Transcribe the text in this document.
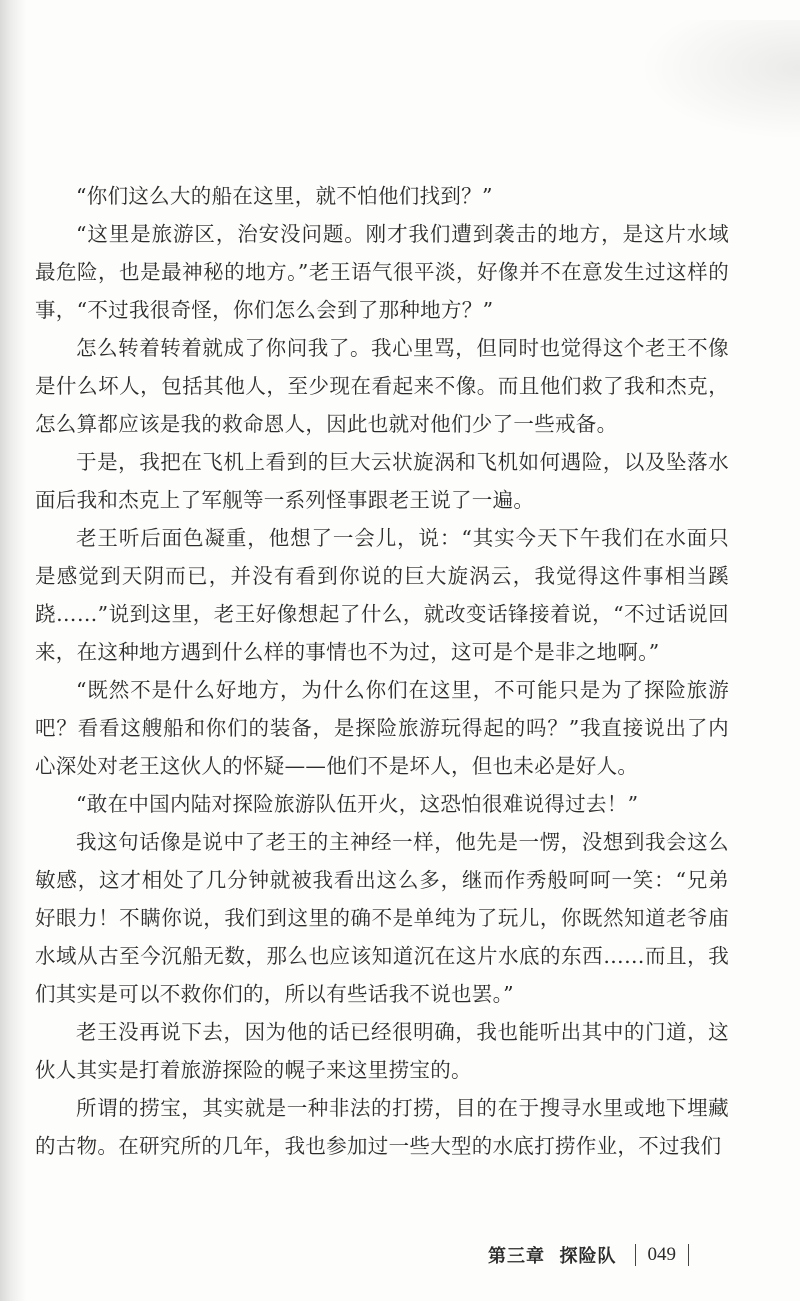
“你们这么大的船在这里，就不怕他们找到？”

“这里是旅游区，治安没问题。刚才我们遭到袭击的地方，是这片水域最危险，也是最神秘的地方。”老王语气很平淡，好像并不在意发生过这样的事，“不过我很奇怪，你们怎么会到了那种地方？”

怎么转着转着就成了你问我了。我心里骂，但同时也觉得这个老王不像是什么坏人，包括其他人，至少现在看起来不像。而且他们救了我和杰克，怎么算都应该是我的救命恩人，因此也就对他们少了一些戒备。

于是，我把在飞机上看到的巨大云状旋涡和飞机如何遇险，以及坠落水面后我和杰克上了军舰等一系列怪事跟老王说了一遍。

老王听后面色凝重，他想了一会儿，说：“其实今天下午我们在水面只是感觉到天阴而已，并没有看到你说的巨大旋涡云，我觉得这件事相当蹊跷……”说到这里，老王好像想起了什么，就改变话锋接着说，“不过话说回来，在这种地方遇到什么样的事情也不为过，这可是个是非之地啊。”

“既然不是什么好地方，为什么你们在这里，不可能只是为了探险旅游吧？看看这艘船和你们的装备，是探险旅游玩得起的吗？”我直接说出了内心深处对老王这伙人的怀疑——他们不是坏人，但也未必是好人。

“敢在中国内陆对探险旅游队伍开火，这恐怕很难说得过去！”

我这句话像是说中了老王的主神经一样，他先是一愣，没想到我会这么敏感，这才相处了几分钟就被我看出这么多，继而作秀般呵呵一笑：“兄弟好眼力！不瞒你说，我们到这里的确不是单纯为了玩儿，你既然知道老爷庙水域从古至今沉船无数，那么也应该知道沉在这片水底的东西……而且，我们其实是可以不救你们的，所以有些话我不说也罢。”

老王没再说下去，因为他的话已经很明确，我也能听出其中的门道，这伙人其实是打着旅游探险的幌子来这里捞宝的。

所谓的捞宝，其实就是一种非法的打捞，目的在于搜寻水里或地下埋藏的古物。在研究所的几年，我也参加过一些大型的水底打捞作业，不过我们

第三章  探险队 049
